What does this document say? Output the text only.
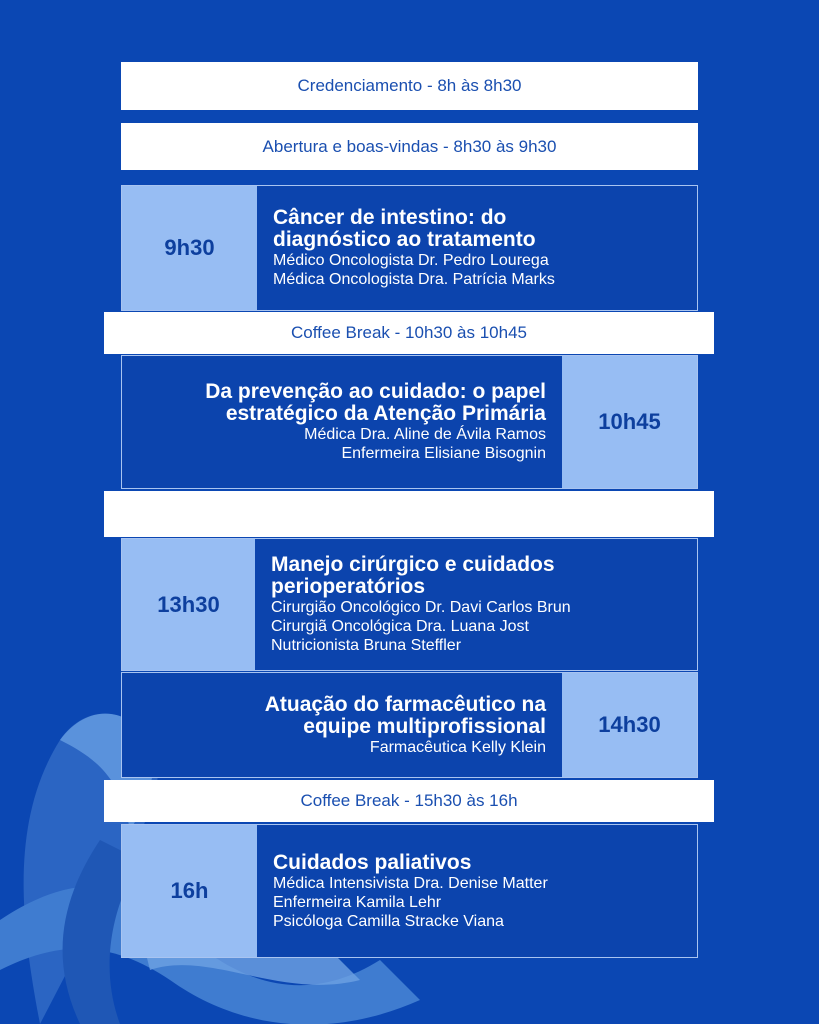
Credenciamento - 8h às 8h30
Abertura e boas-vindas - 8h30 às 9h30
9h30
Câncer de intestino: do
diagnóstico ao tratamento
Médico Oncologista Dr. Pedro Lourega
Médica Oncologista Dra. Patrícia Marks
Coffee Break - 10h30 às 10h45
Da prevenção ao cuidado: o papel
estratégico da Atenção Primária
Médica Dra. Aline de Ávila Ramos
Enfermeira Elisiane Bisognin
10h45
13h30
Manejo cirúrgico e cuidados
perioperatórios
Cirurgião Oncológico Dr. Davi Carlos Brun
Cirurgiã Oncológica Dra. Luana Jost
Nutricionista Bruna Steffler
Atuação do farmacêutico na
equipe multiprofissional
Farmacêutica Kelly Klein
14h30
Coffee Break - 15h30 às 16h
16h
Cuidados paliativos
Médica Intensivista Dra. Denise Matter
Enfermeira Kamila Lehr
Psicóloga Camilla Stracke Viana
